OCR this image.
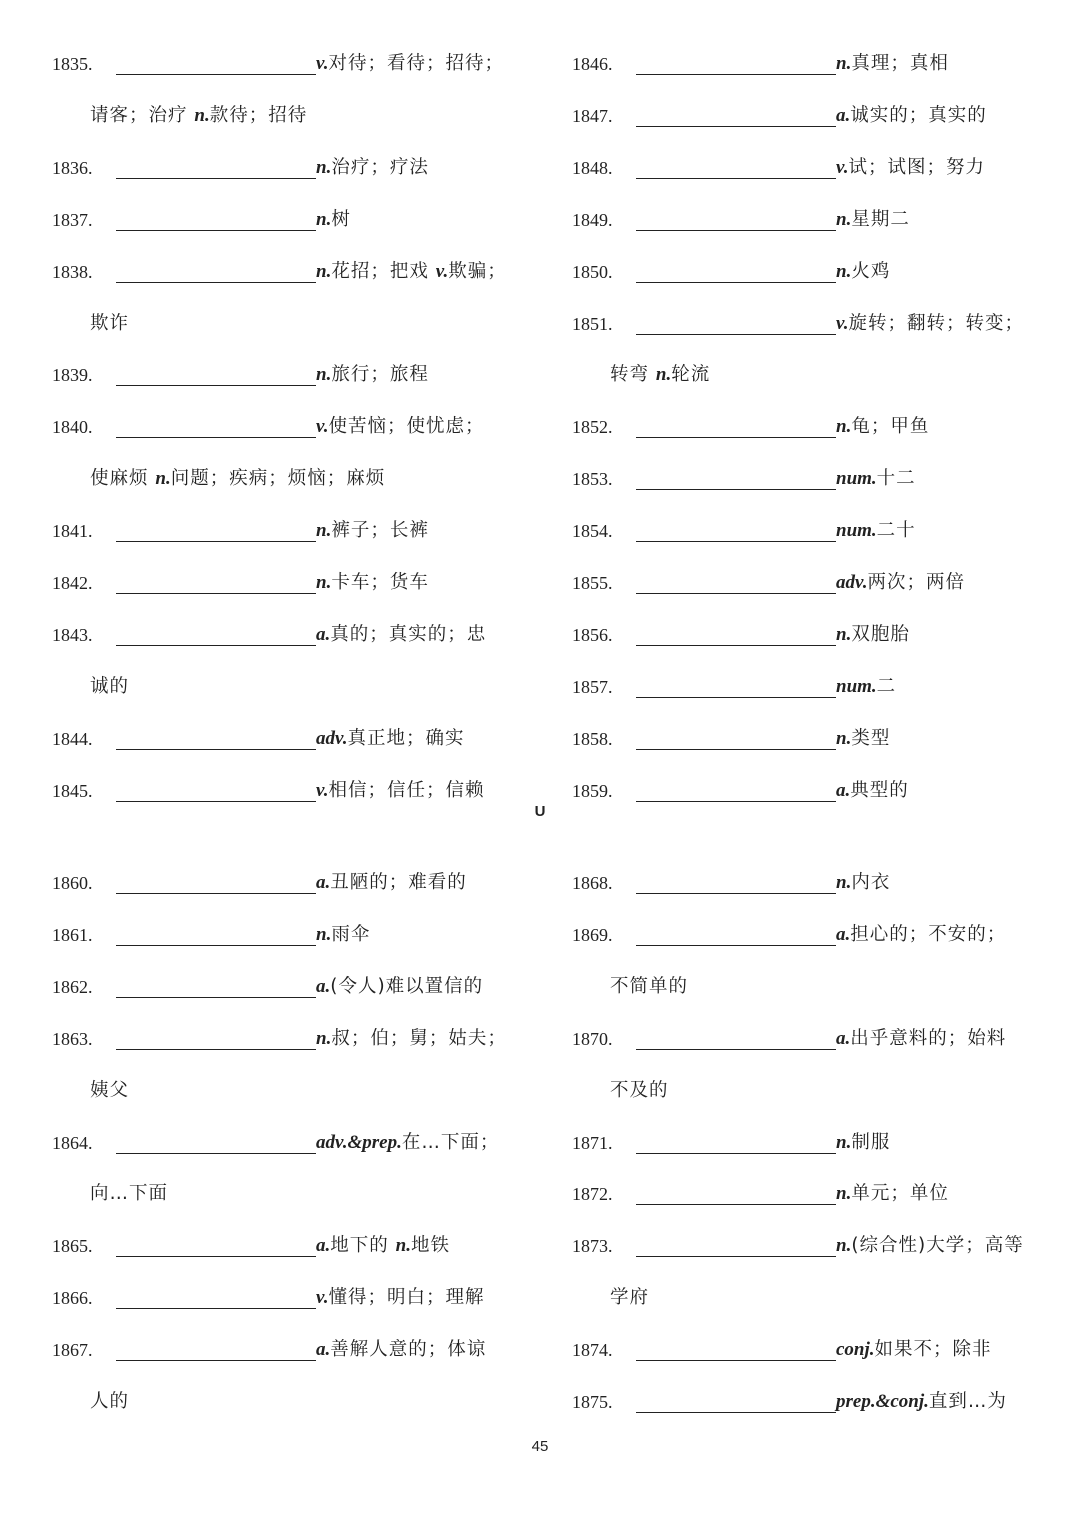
1835.	v.对待；看待；招待；
请客；治疗 n.款待；招待
1836.	n.治疗；疗法
1837.	n.树
1838.	n.花招；把戏 v.欺骗；
欺诈
1839.	n.旅行；旅程
1840.	v.使苦恼；使忧虑；
使麻烦 n.问题；疾病；烦恼；麻烦
1841.	n.裤子；长裤
1842.	n.卡车；货车
1843.	a.真的；真实的；忠
诚的
1844.	adv.真正地；确实
1845.	v.相信；信任；信赖
1846.	n.真理；真相
1847.	a.诚实的；真实的
1848.	v.试；试图；努力
1849.	n.星期二
1850.	n.火鸡
1851.	v.旋转；翻转；转变；
转弯 n.轮流
1852.	n.龟；甲鱼
1853.	num.十二
1854.	num.二十
1855.	adv.两次；两倍
1856.	n.双胞胎
1857.	num.二
1858.	n.类型
1859.	a.典型的
U
1860.	a.丑陋的；难看的
1861.	n.雨伞
1862.	a.(令人)难以置信的
1863.	n.叔；伯；舅；姑夫；
姨父
1864.	adv.&prep.在…下面；
向…下面
1865.	a.地下的 n.地铁
1866.	v.懂得；明白；理解
1867.	a.善解人意的；体谅
人的
1868.	n.内衣
1869.	a.担心的；不安的；
不简单的
1870.	a.出乎意料的；始料
不及的
1871.	n.制服
1872.	n.单元；单位
1873.	n.(综合性)大学；高等
学府
1874.	conj.如果不；除非
1875.	prep.&conj.直到…为
45
